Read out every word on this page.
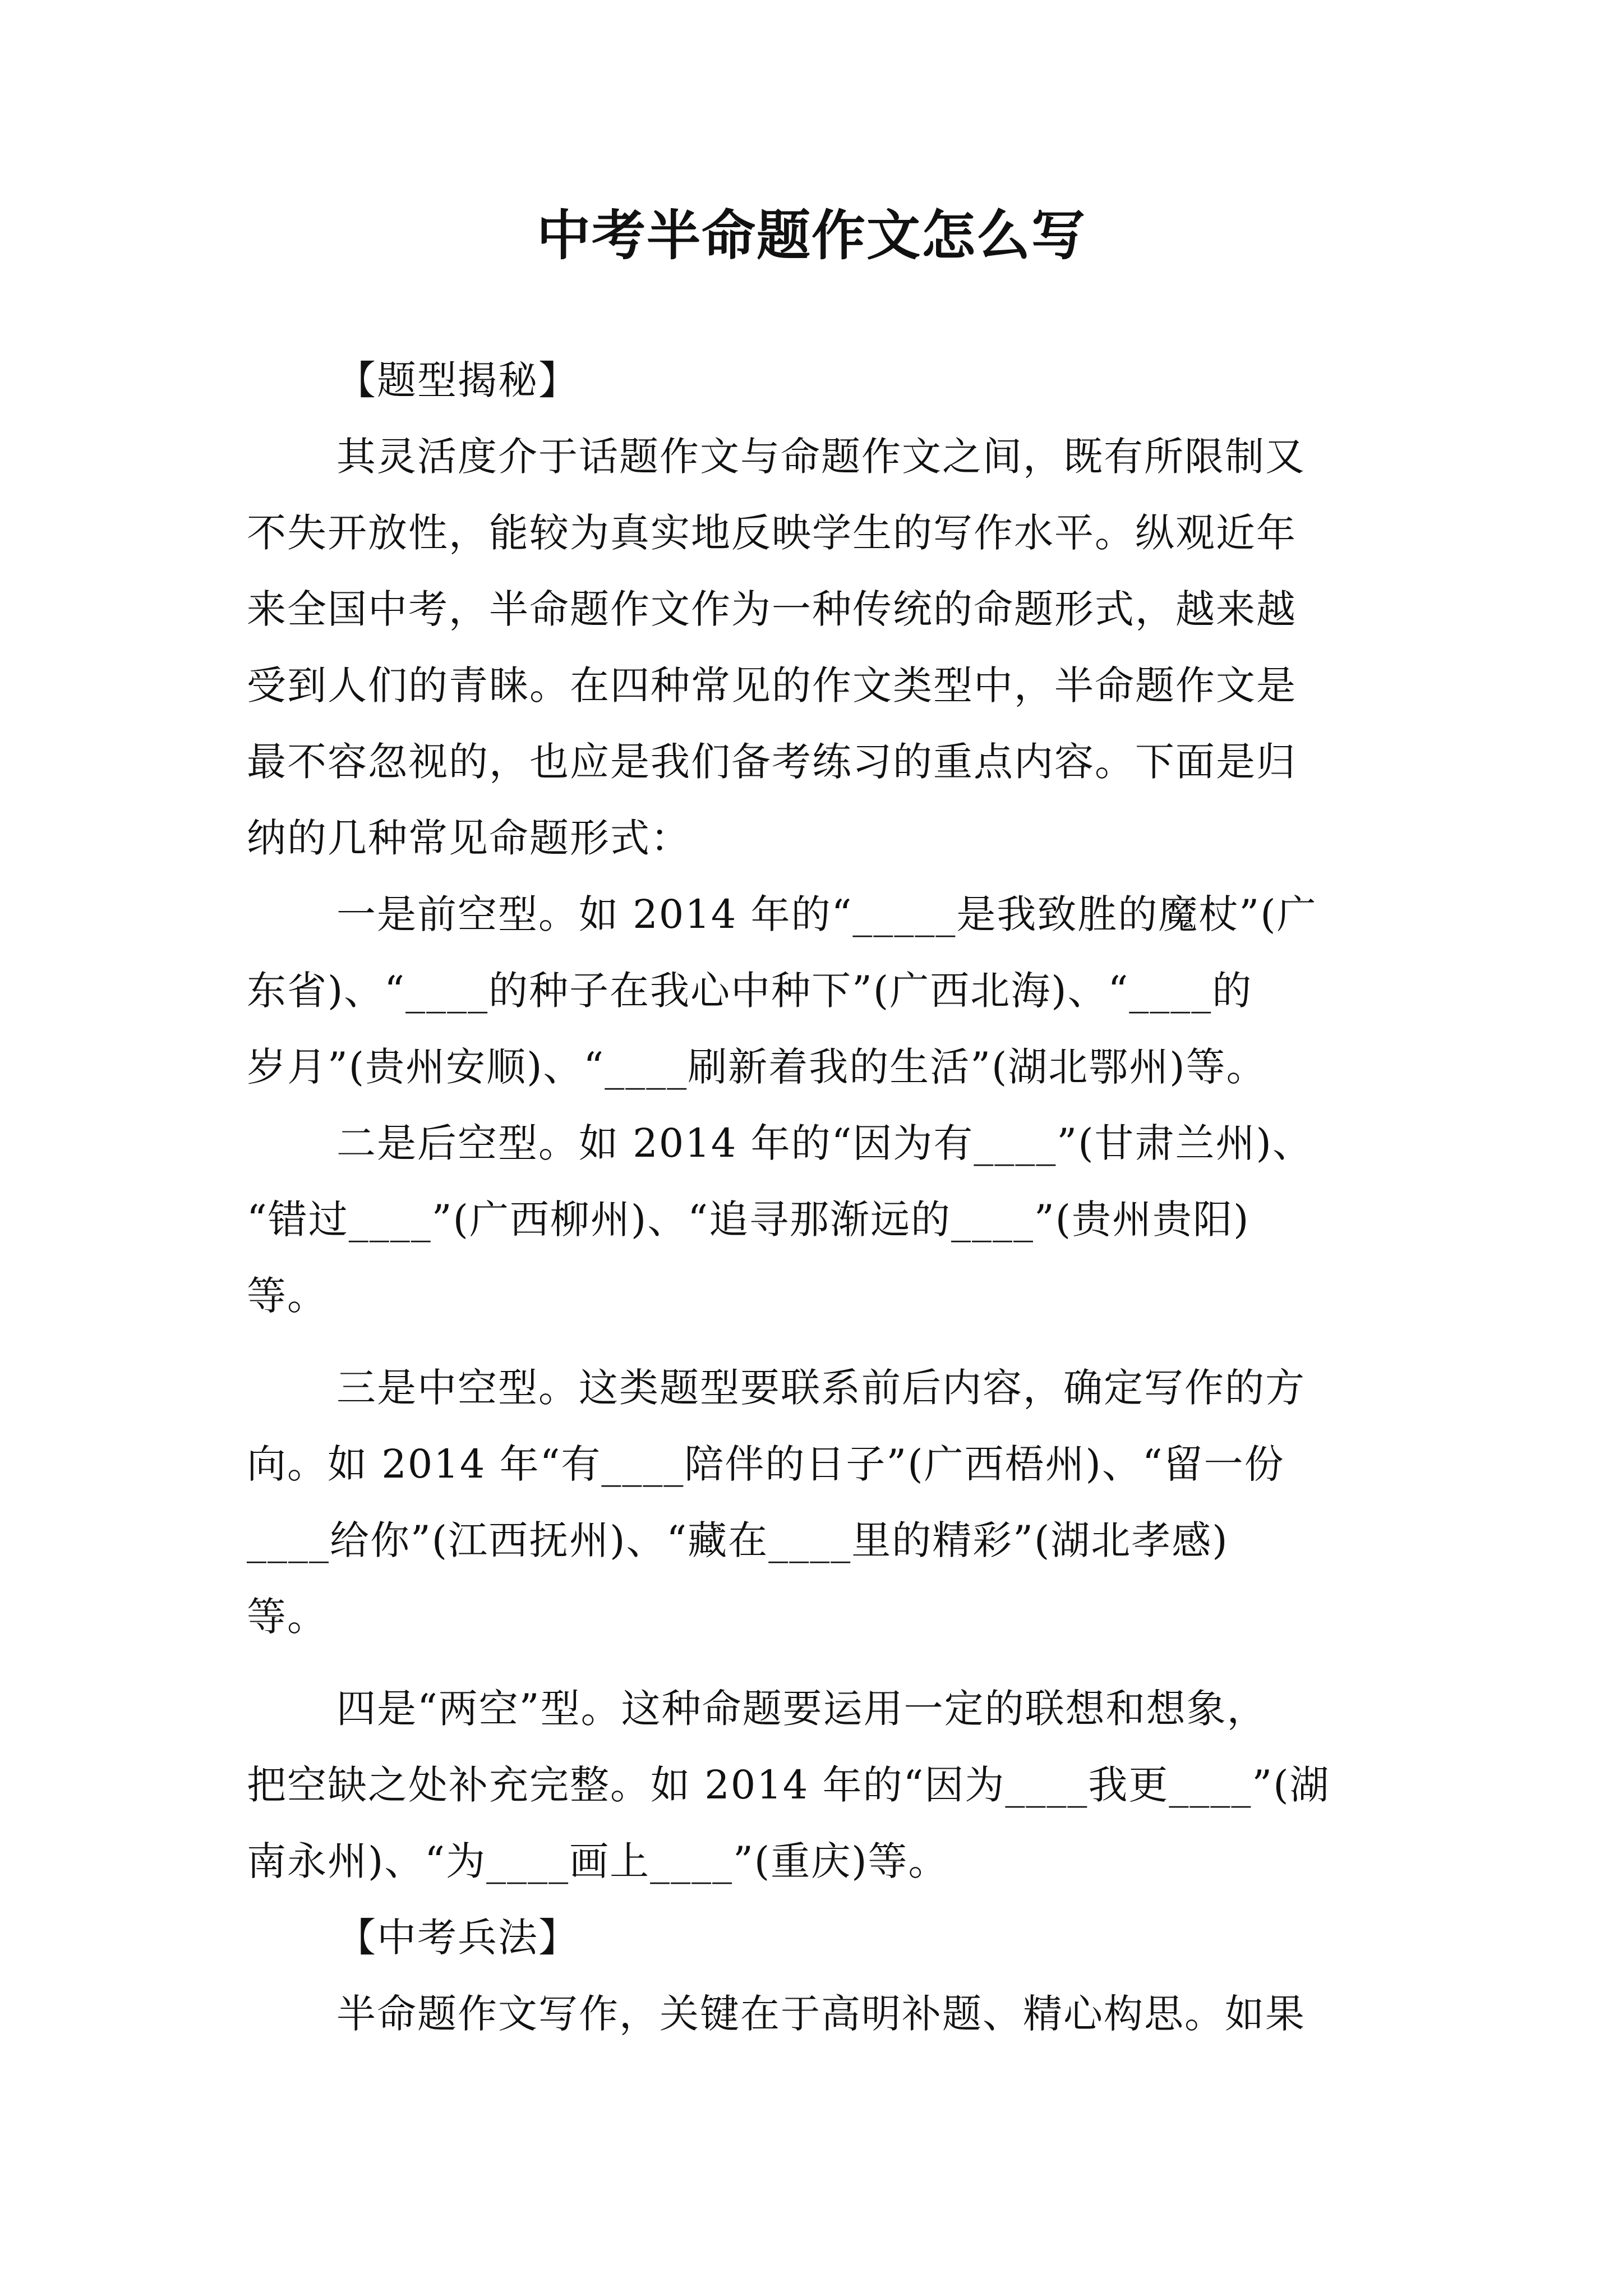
中考半命题作文怎么写
【题型揭秘】
其灵活度介于话题作文与命题作文之间，既有所限制又
不失开放性，能较为真实地反映学生的写作水平。纵观近年
来全国中考，半命题作文作为一种传统的命题形式，越来越
受到人们的青睐。在四种常见的作文类型中，半命题作文是
最不容忽视的，也应是我们备考练习的重点内容。下面是归
纳的几种常见命题形式：
一是前空型。如 2014 年的“_____是我致胜的魔杖”(广
东省)、“____的种子在我心中种下”(广西北海)、“____的
岁月”(贵州安顺)、“____刷新着我的生活”(湖北鄂州)等。
二是后空型。如 2014 年的“因为有____”(甘肃兰州)、
“错过____”(广西柳州)、“追寻那渐远的____”(贵州贵阳)
等。
三是中空型。这类题型要联系前后内容，确定写作的方
向。如 2014 年“有____陪伴的日子”(广西梧州)、“留一份
____给你”(江西抚州)、“藏在____里的精彩”(湖北孝感)
等。
四是“两空”型。这种命题要运用一定的联想和想象，
把空缺之处补充完整。如 2014 年的“因为____我更____”(湖
南永州)、“为____画上____”(重庆)等。
【中考兵法】
半命题作文写作，关键在于高明补题、精心构思。如果
